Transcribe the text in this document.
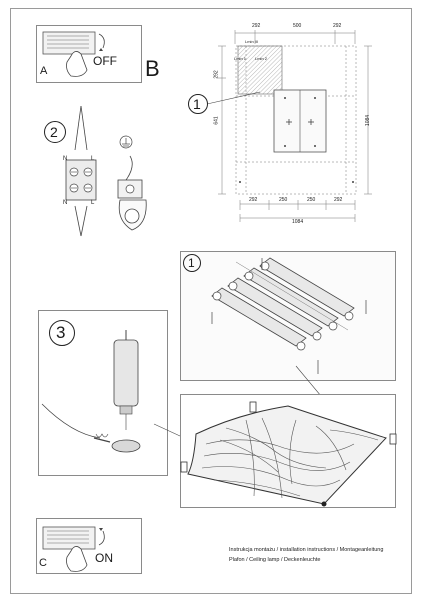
A
OFF B
292	500	292
Lmin III
Lmin 1 Lmin 2
292
641	1084
292	250	250	292
1084
1
2
N	L
N	L
1
3
C	ON
Instrukcja montażu / installation instructions / Montageanleitung
Plafon / Ceiling lamp / Deckenleuchte
